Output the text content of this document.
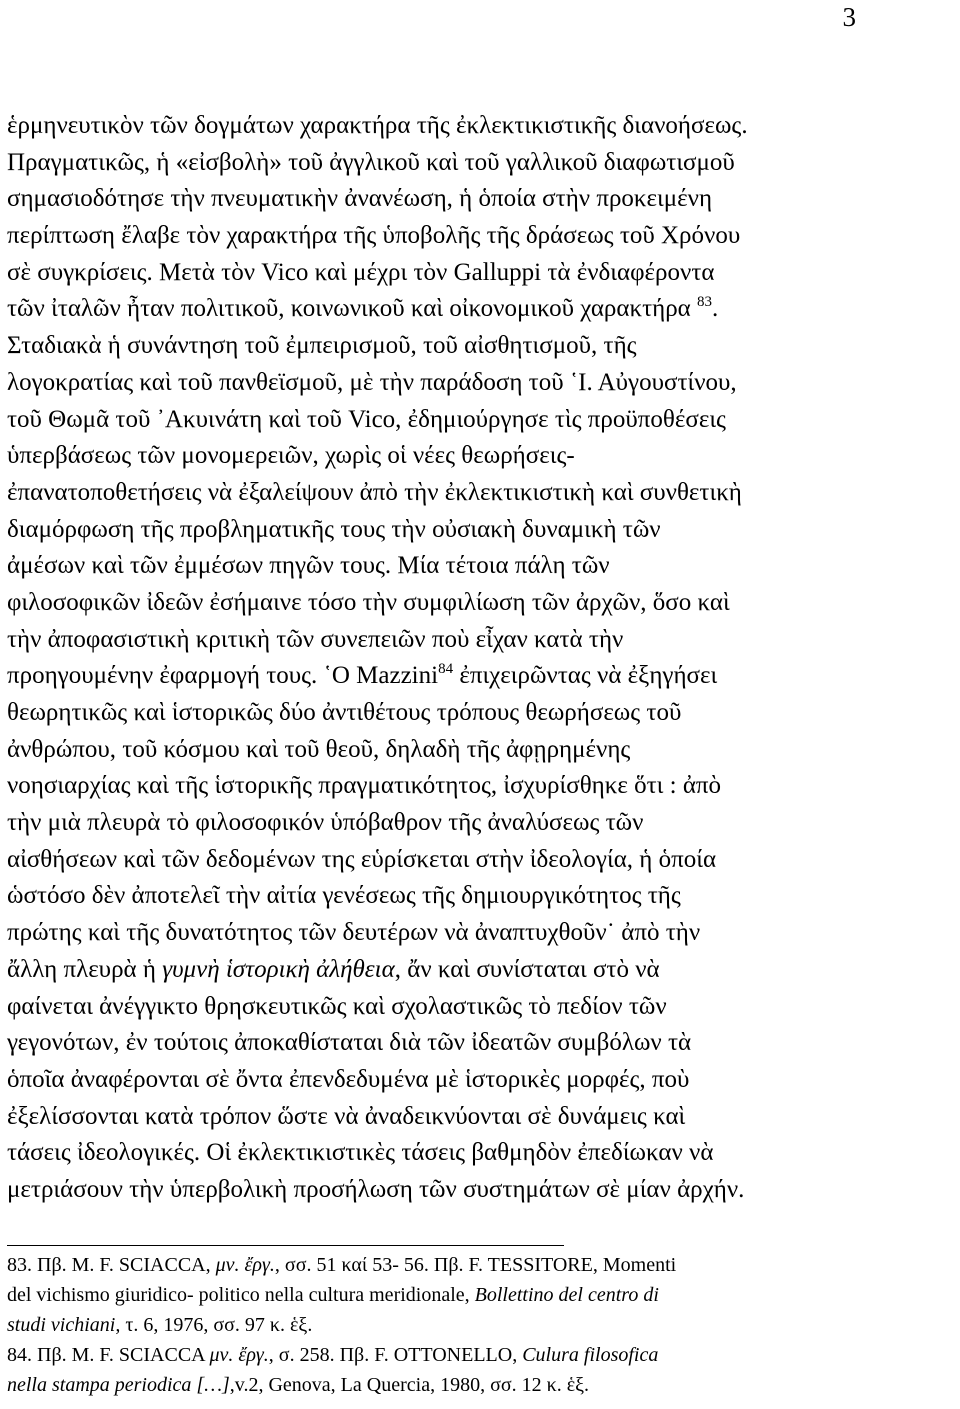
3
ἑρμηνευτικὸν τῶν δογμάτων χαρακτήρα τῆς ἐκλεκτικιστικῆς διανοήσεως.
Πραγματικῶς, ἡ «εἰσβολὴ» τοῦ ἀγγλικοῦ καὶ τοῦ γαλλικοῦ διαφωτισμοῦ
σημασιοδότησε τὴν πνευματικὴν ἀνανέωση, ἡ ὁποία στὴν προκειμένη
περίπτωση ἔλαβε τὸν χαρακτήρα τῆς ὑποβολῆς τῆς δράσεως τοῦ Χρόνου
σὲ συγκρίσεις. Μετὰ τὸν Vico καὶ μέχρι τὸν Galluppi τὰ ἐνδιαφέροντα
τῶν ἰταλῶν ἦταν πολιτικοῦ, κοινωνικοῦ καὶ οἰκονομικοῦ χαρακτήρα $^{83}$.
Σταδιακὰ ἡ συνάντηση τοῦ ἐμπειρισμοῦ, τοῦ αἰσθητισμοῦ, τῆς
λογοκρατίας καὶ τοῦ πανθεϊσμοῦ, μὲ τὴν παράδοση τοῦ ῾Ι. Αὐγουστίνου,
τοῦ Θωμᾶ τοῦ ᾽Ακυινάτη καὶ τοῦ Vico, ἐδημιούργησε τὶς προϋποθέσεις
ὑπερβάσεως τῶν μονομερειῶν, χωρὶς οἱ νέες θεωρήσεις-
ἐπανατοποθετήσεις νὰ ἐξαλείψουν ἀπὸ τὴν ἐκλεκτικιστικὴ καὶ συνθετικὴ
διαμόρφωση τῆς προβληματικῆς τους τὴν οὐσιακὴ δυναμικὴ τῶν
ἀμέσων καὶ τῶν ἐμμέσων πηγῶν τους. Μία τέτοια πάλη τῶν
φιλοσοφικῶν ἰδεῶν ἐσήμαινε τόσο τὴν συμφιλίωση τῶν ἀρχῶν, ὅσο καὶ
τὴν ἀποφασιστικὴ κριτικὴ τῶν συνεπειῶν ποὺ εἶχαν κατὰ τὴν
προηγουμένην ἐφαρμογή τους. ῾Ο Mazzini$^{84}$ ἐπιχειρῶντας νὰ ἐξηγήσει
θεωρητικῶς καὶ ἱστορικῶς δύο ἀντιθέτους τρόπους θεωρήσεως τοῦ
ἀνθρώπου, τοῦ κόσμου καὶ τοῦ θεοῦ, δηλαδὴ τῆς ἀφῃρημένης
νοησιαρχίας καὶ τῆς ἱστορικῆς πραγματικότητος, ἰσχυρίσθηκε ὅτι : ἀπὸ
τὴν μιὰ πλευρὰ τὸ φιλοσοφικόν ὑπόβαθρον τῆς ἀναλύσεως τῶν
αἰσθήσεων καὶ τῶν δεδομένων της εὑρίσκεται στὴν ἰδεολογία, ἡ ὁποία
ὡστόσο δὲν ἀποτελεῖ τὴν αἰτία γενέσεως τῆς δημιουργικότητος τῆς
πρώτης καὶ τῆς δυνατότητος τῶν δευτέρων νὰ ἀναπτυχθοῦν˙ ἀπὸ τὴν
ἄλλη πλευρὰ ἡ γυμνὴ ἱστορικὴ ἀλήθεια, ἄν καὶ συνίσταται στὸ νὰ
φαίνεται ἀνέγγικτο θρησκευτικῶς καὶ σχολαστικῶς τὸ πεδίον τῶν
γεγονότων, ἐν τούτοις ἀποκαθίσταται διὰ τῶν ἰδεατῶν συμβόλων τὰ
ὁποῖα ἀναφέρονται σὲ ὄντα ἐπενδεδυμένα μὲ ἱστορικὲς μορφές, ποὺ
ἐξελίσσονται κατὰ τρόπον ὥστε νὰ ἀναδεικνύονται σὲ δυνάμεις καὶ
τάσεις ἰδεολογικές. Οἱ ἐκλεκτικιστικὲς τάσεις βαθμηδὸν ἐπεδίωκαν νὰ
μετριάσουν τὴν ὑπερβολικὴ προσήλωση τῶν συστημάτων σὲ μίαν ἀρχήν.
83. Πβ. M. F. SCIACCA, μν. ἔργ., σσ. 51 καί 53- 56. Πβ. F. TESSITORE, Momenti
del vichismo giuridico- politico nella cultura meridionale, Bollettino del centro di
studi vichiani, τ. 6, 1976, σσ. 97 κ. ἑξ.
84. Πβ. M. F. SCIACCA μν. ἔργ., σ. 258. Πβ. F. OTTONELLO, Culura filosofica
nella stampa periodica […],v.2, Genova, La Quercia, 1980, σσ. 12 κ. ἑξ.
